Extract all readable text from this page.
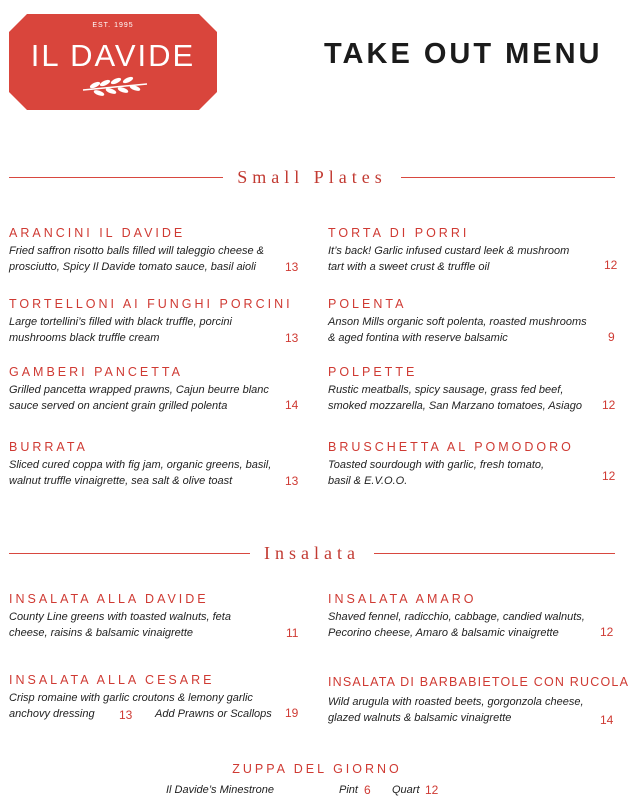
EST. 1995
IL DAVIDE	TAKE OUT MENU
Small Plates
ARANCINI IL DAVIDE
Fried saffron risotto balls filled will taleggio cheese & prosciutto, Spicy Il Davide tomato sauce, basil aioli	13
TORTA DI PORRI
It’s back! Garlic infused custard leek & mushroom tart with a sweet crust & truffle oil	12
TORTELLONI AI FUNGHI PORCINI
Large tortellini’s filled with black truffle, porcini mushrooms black truffle cream	13
POLENTA
Anson Mills organic soft polenta, roasted mushrooms & aged fontina with reserve balsamic	9
GAMBERI PANCETTA
Grilled pancetta wrapped prawns, Cajun beurre blanc sauce served on ancient grain grilled polenta	14
POLPETTE
Rustic meatballs, spicy sausage, grass fed beef, smoked mozzarella, San Marzano tomatoes, Asiago	12
BURRATA
Sliced cured coppa with fig jam, organic greens, basil, walnut truffle vinaigrette, sea salt & olive toast	13
BRUSCHETTA AL POMODORO
Toasted sourdough with garlic, fresh tomato, basil & E.V.O.O.	12
Insalata
INSALATA ALLA DAVIDE
County Line greens with toasted walnuts, feta cheese, raisins & balsamic vinaigrette	11
INSALATA AMARO
Shaved fennel, radicchio, cabbage, candied walnuts, Pecorino cheese, Amaro & balsamic vinaigrette	12
INSALATA ALLA CESARE
Crisp romaine with garlic croutons & lemony garlic
anchovy dressing 13 Add Prawns or Scallops 19
INSALATA DI BARBABIETOLE CON RUCOLA
Wild arugula with roasted beets, gorgonzola cheese, glazed walnuts & balsamic vinaigrette	14
ZUPPA DEL GIORNO
Il Davide’s Minestrone	Pint 6 Quart 12
